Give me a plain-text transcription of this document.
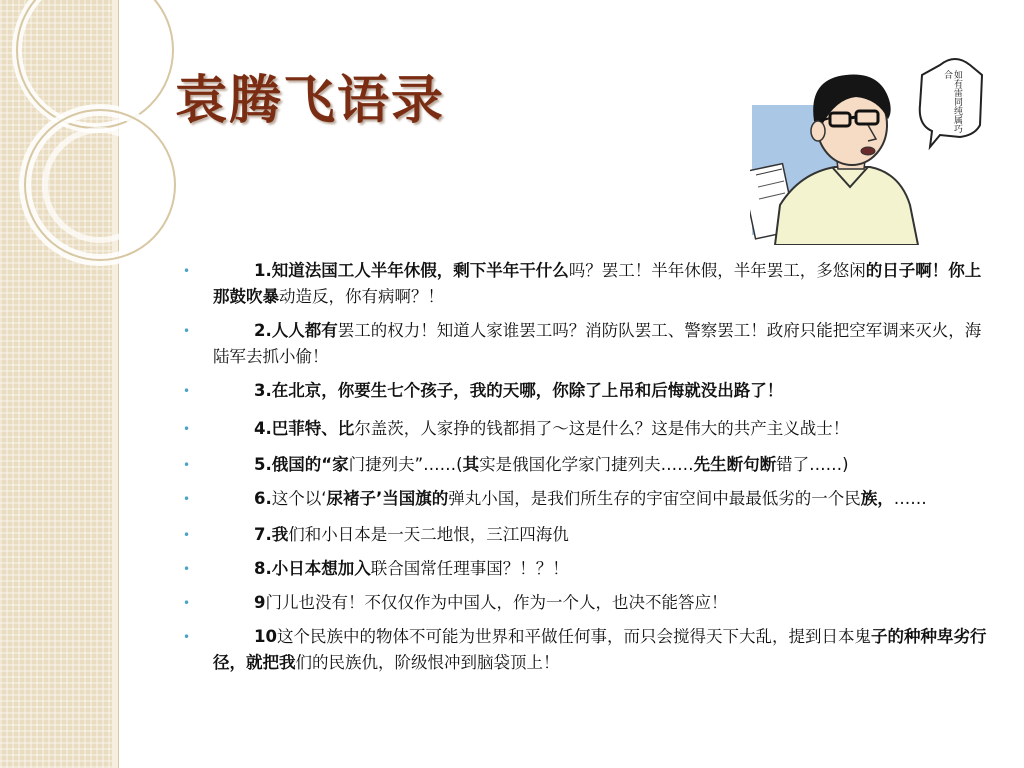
袁腾飞语录	如有雷同纯属巧合
•	1.知道法国工人半年休假，剩下半年干什么吗？罢工！半年休假，半年罢工，多悠闲的日子啊！你上那鼓吹暴动造反，你有病啊？！
•	2.人人都有罢工的权力！知道人家谁罢工吗？消防队罢工、警察罢工！政府只能把空军调来灭火，海陆军去抓小偷！
•	3.在北京，你要生七个孩子，我的天哪，你除了上吊和后悔就没出路了！
•	4.巴菲特、比尔盖茨，人家挣的钱都捐了～这是什么？这是伟大的共产主义战士！
•	5.俄国的“家门捷列夫”……(其实是俄国化学家门捷列夫……先生断句断错了……)
•	6.这个以‘尿褚子’当国旗的弹丸小国，是我们所生存的宇宙空间中最最低劣的一个民族，……
•	7.我们和小日本是一天二地恨，三江四海仇
•	8.小日本想加入联合国常任理事国？！？！
•	9门儿也没有！不仅仅作为中国人，作为一个人，也决不能答应！
•	10这个民族中的物体不可能为世界和平做任何事，而只会搅得天下大乱，提到日本鬼子的种种卑劣行径，就把我们的民族仇，阶级恨冲到脑袋顶上！
